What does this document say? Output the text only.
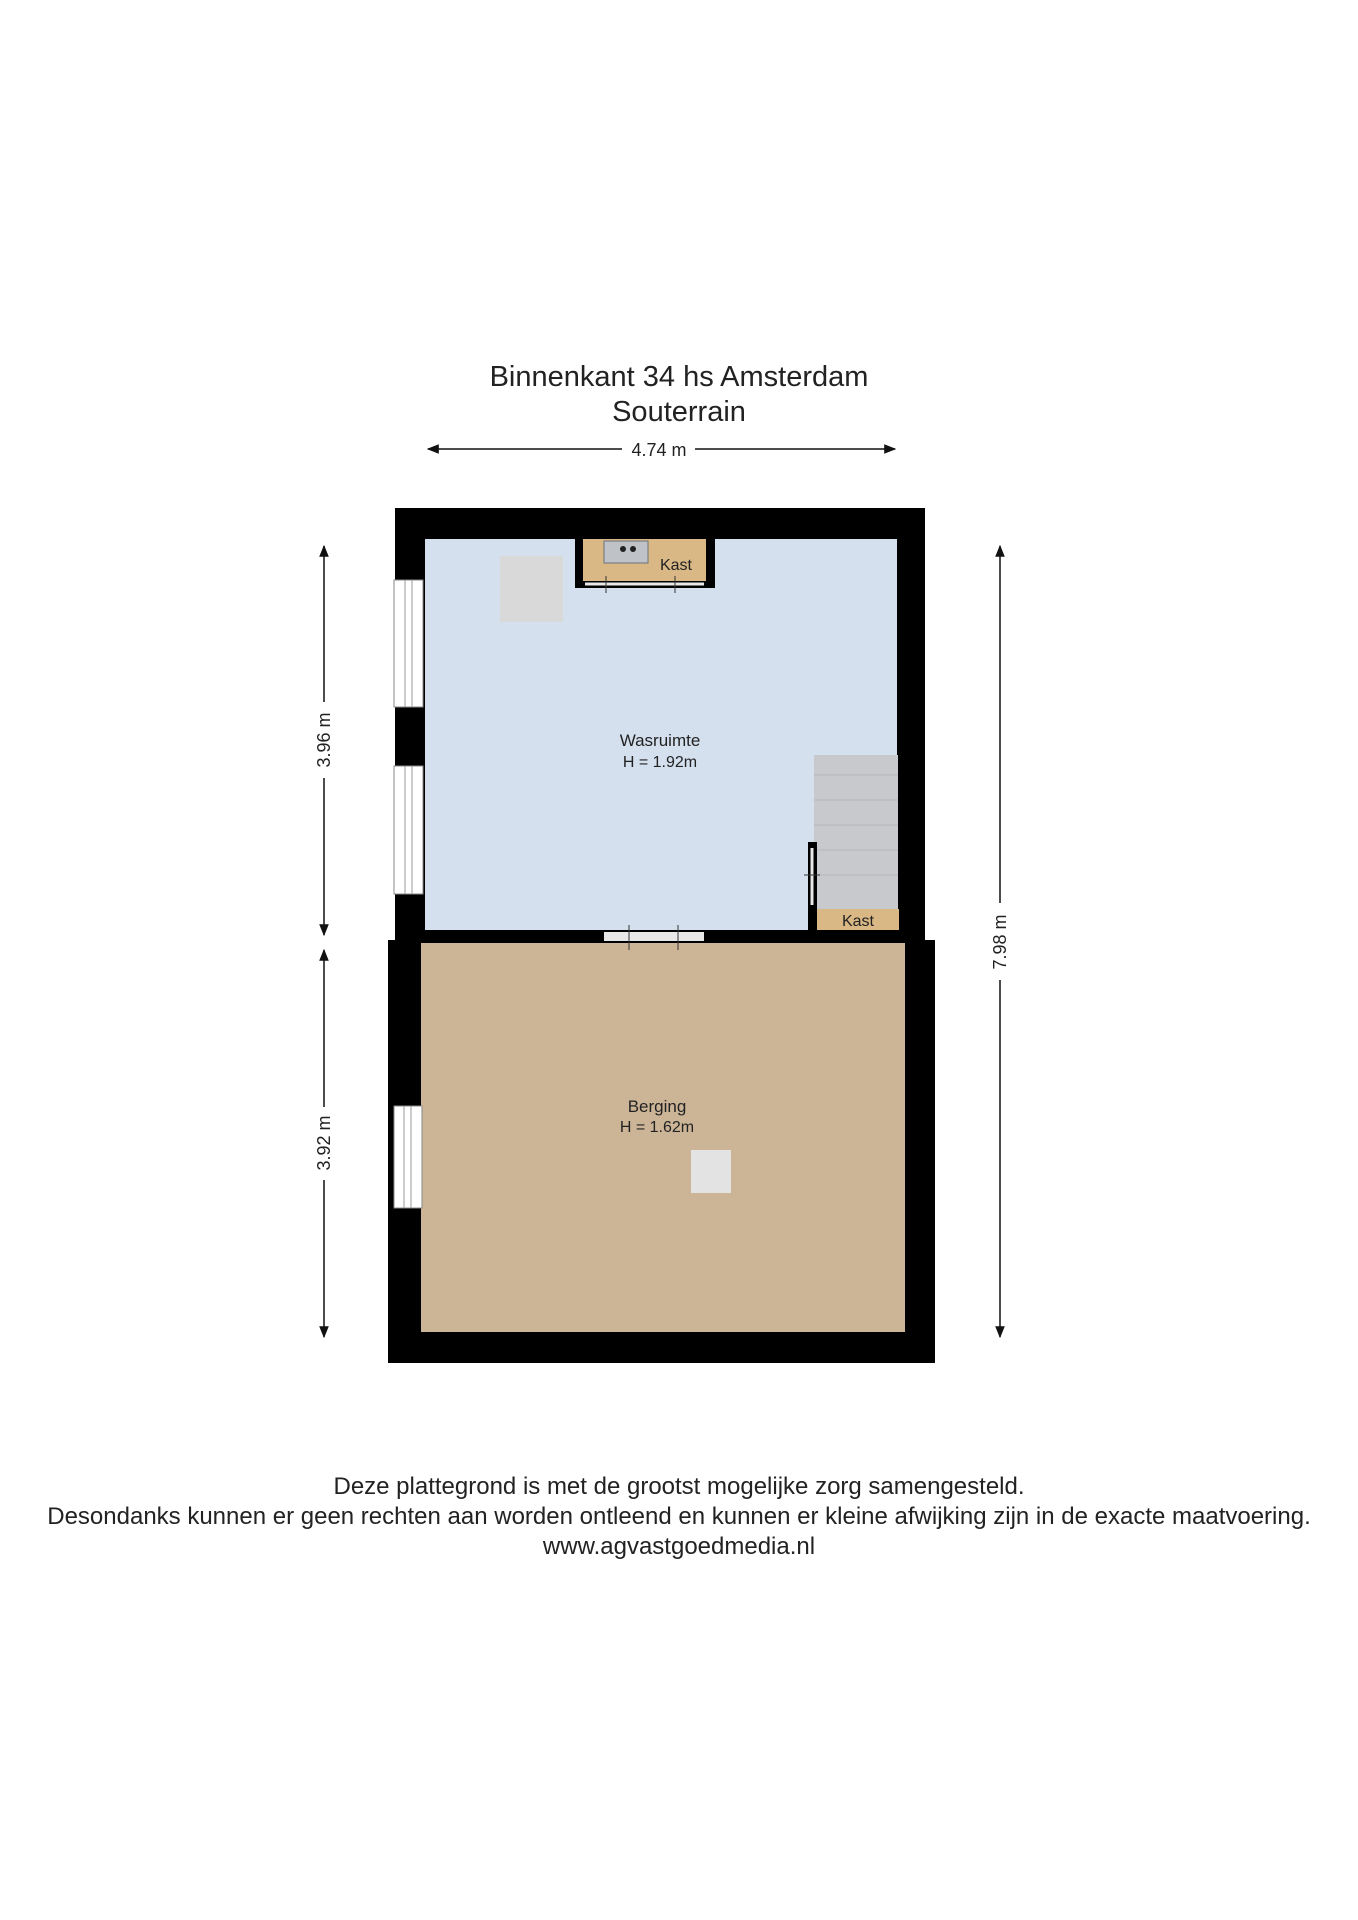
Binnenkant 34 hs Amsterdam
Souterrain
4.74 m
3.96 m
3.92 m
7.98 m
Kast
Kast
Wasruimte
H = 1.92m
Berging
H = 1.62m
Deze plattegrond is met de grootst mogelijke zorg samengesteld.
Desondanks kunnen er geen rechten aan worden ontleend en kunnen er kleine afwijking zijn in de exacte maatvoering.
www.agvastgoedmedia.nl
